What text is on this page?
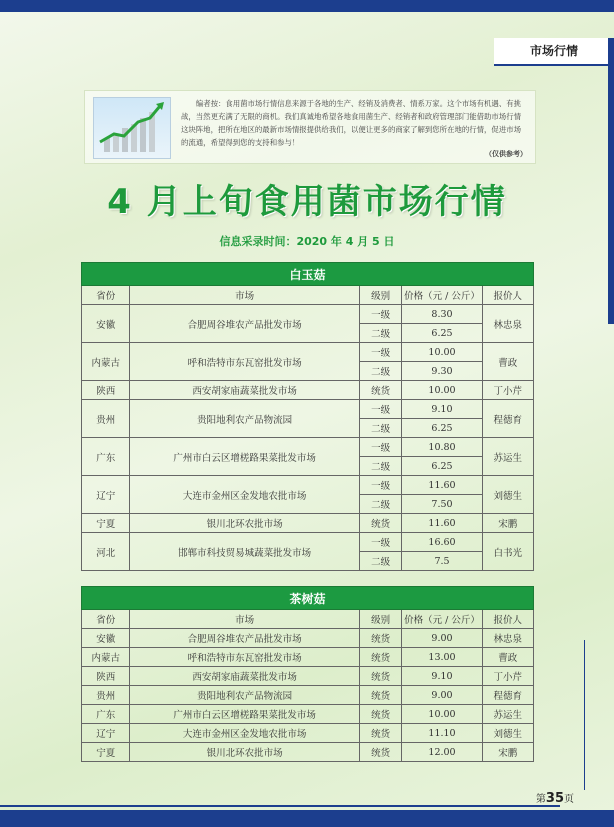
市场行情
编者按：食用菌市场行情信息来源于各地的生产、经销及消费者、情系万家。这个市场有机遇、有挑战，当然更充满了无限的商机。我们真诚地希望各地食用菌生产、经销者和政府管理部门能借助市场行情这块阵地，把所在地区的最新市场情报提供给我们，以便让更多的商家了解到您所在地的行情，促进市场的流通，希望得到您的支持和参与！
（仅供参考）
4 月上旬食用菌市场行情
信息采录时间：2020 年 4 月 5 日
白玉菇				
省份	市场	级别	价格（元 / 公斤）	报价人
安徽	合肥周谷堆农产品批发市场	一级	8.30	林忠泉
		二级	6.25	
内蒙古	呼和浩特市东瓦窑批发市场	一级	10.00	曹政
		二级	9.30	
陕西	西安胡家庙蔬菜批发市场	统货	10.00	丁小芹
贵州	贵阳地利农产品物流园	一级	9.10	程德育
		二级	6.25	
广东	广州市白云区增槎路果菜批发市场	一级	10.80	苏运生
		二级	6.25	
辽宁	大连市金州区金发地农批市场	一级	11.60	刘德生
		二级	7.50	
宁夏	银川北环农批市场	统货	11.60	宋鹏
河北	邯郸市科技贸易城蔬菜批发市场	一级	16.60	白书光
		二级	7.5	
茶树菇				
省份	市场	级别	价格（元 / 公斤）	报价人
安徽	合肥周谷堆农产品批发市场	统货	9.00	林忠泉
内蒙古	呼和浩特市东瓦窑批发市场	统货	13.00	曹政
陕西	西安胡家庙蔬菜批发市场	统货	9.10	丁小芹
贵州	贵阳地利农产品物流园	统货	9.00	程德育
广东	广州市白云区增槎路果菜批发市场	统货	10.00	苏运生
辽宁	大连市金州区金发地农批市场	统货	11.10	刘德生
宁夏	银川北环农批市场	统货	12.00	宋鹏
第35页
